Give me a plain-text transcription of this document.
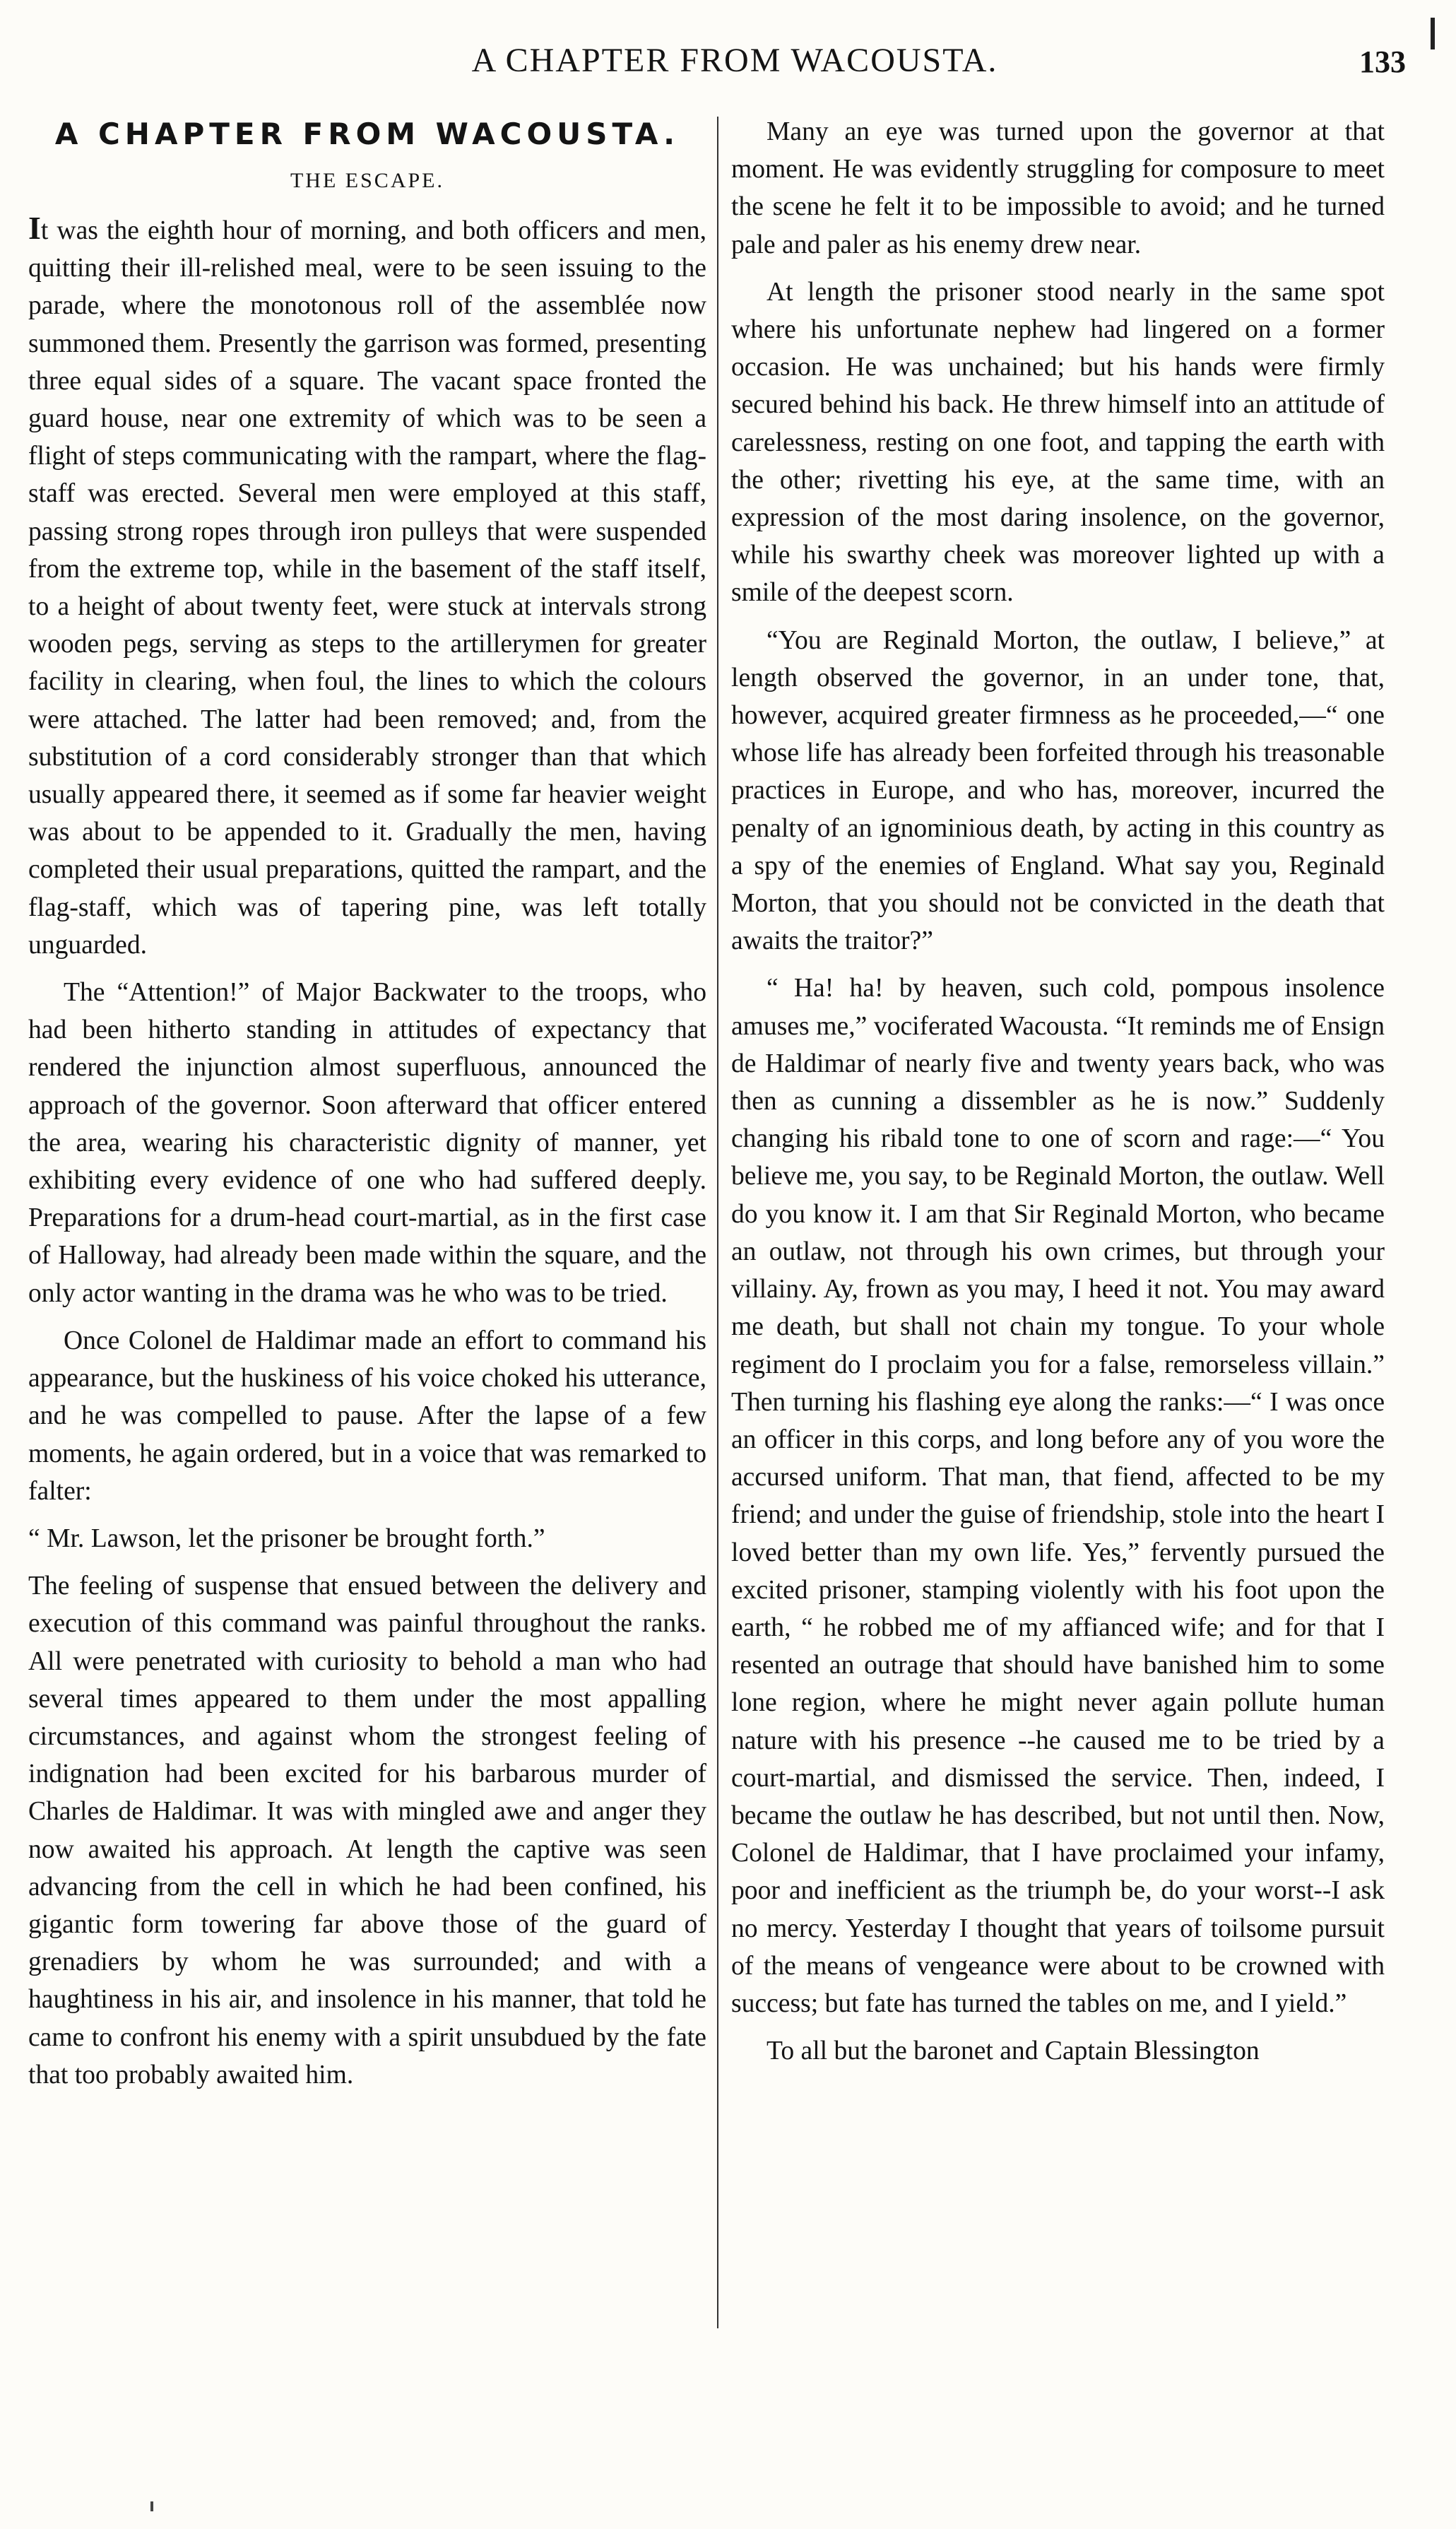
A CHAPTER FROM WACOUSTA.	133
A CHAPTER FROM WACOUSTA.
THE ESCAPE.

It was the eighth hour of morning, and both officers and men, quitting their ill-relished meal, were to be seen issuing to the parade, where the monotonous roll of the assemblée now summoned them. Presently the garrison was formed, presenting three equal sides of a square. The vacant space fronted the guard house, near one extremity of which was to be seen a flight of steps communicating with the rampart, where the flag-staff was erected. Several men were employed at this staff, passing strong ropes through iron pulleys that were suspended from the extreme top, while in the basement of the staff itself, to a height of about twenty feet, were stuck at intervals strong wooden pegs, serving as steps to the artillerymen for greater facility in clearing, when foul, the lines to which the colours were attached. The latter had been removed; and, from the substitution of a cord considerably stronger than that which usually appeared there, it seemed as if some far heavier weight was about to be appended to it. Gradually the men, having completed their usual preparations, quitted the rampart, and the flag-staff, which was of tapering pine, was left totally unguarded.

The “Attention!” of Major Backwater to the troops, who had been hitherto standing in attitudes of expectancy that rendered the injunction almost superfluous, announced the approach of the governor. Soon afterward that officer entered the area, wearing his characteristic dignity of manner, yet exhibiting every evidence of one who had suffered deeply. Preparations for a drum-head court-martial, as in the first case of Halloway, had already been made within the square, and the only actor wanting in the drama was he who was to be tried.

Once Colonel de Haldimar made an effort to command his appearance, but the huskiness of his voice choked his utterance, and he was compelled to pause. After the lapse of a few moments, he again ordered, but in a voice that was remarked to falter:

“ Mr. Lawson, let the prisoner be brought forth.”

The feeling of suspense that ensued between the delivery and execution of this command was painful throughout the ranks. All were penetrated with curiosity to behold a man who had several times appeared to them under the most appalling circumstances, and against whom the strongest feeling of indignation had been excited for his barbarous murder of Charles de Haldimar. It was with mingled awe and anger they now awaited his approach. At length the captive was seen advancing from the cell in which he had been confined, his gigantic form towering far above those of the guard of grenadiers by whom he was surrounded; and with a haughtiness in his air, and insolence in his manner, that told he came to confront his enemy with a spirit unsubdued by the fate that too probably awaited him.

Many an eye was turned upon the governor at that moment. He was evidently struggling for composure to meet the scene he felt it to be impossible to avoid; and he turned pale and paler as his enemy drew near.

At length the prisoner stood nearly in the same spot where his unfortunate nephew had lingered on a former occasion. He was unchained; but his hands were firmly secured behind his back. He threw himself into an attitude of carelessness, resting on one foot, and tapping the earth with the other; rivetting his eye, at the same time, with an expression of the most daring insolence, on the governor, while his swarthy cheek was moreover lighted up with a smile of the deepest scorn.

“You are Reginald Morton, the outlaw, I believe,” at length observed the governor, in an under tone, that, however, acquired greater firmness as he proceeded,—“ one whose life has already been forfeited through his treasonable practices in Europe, and who has, moreover, incurred the penalty of an ignominious death, by acting in this country as a spy of the enemies of England. What say you, Reginald Morton, that you should not be convicted in the death that awaits the traitor?”

“ Ha! ha! by heaven, such cold, pompous insolence amuses me,” vociferated Wacousta. “It reminds me of Ensign de Haldimar of nearly five and twenty years back, who was then as cunning a dissembler as he is now.” Suddenly changing his ribald tone to one of scorn and rage:—“ You believe me, you say, to be Reginald Morton, the outlaw. Well do you know it. I am that Sir Reginald Morton, who became an outlaw, not through his own crimes, but through your villainy. Ay, frown as you may, I heed it not. You may award me death, but shall not chain my tongue. To your whole regiment do I proclaim you for a false, remorseless villain.” Then turning his flashing eye along the ranks:—“ I was once an officer in this corps, and long before any of you wore the accursed uniform. That man, that fiend, affected to be my friend; and under the guise of friendship, stole into the heart I loved better than my own life. Yes,” fervently pursued the excited prisoner, stamping violently with his foot upon the earth, “ he robbed me of my affianced wife; and for that I resented an outrage that should have banished him to some lone region, where he might never again pollute human nature with his presence --he caused me to be tried by a court-martial, and dismissed the service. Then, indeed, I became the outlaw he has described, but not until then. Now, Colonel de Haldimar, that I have proclaimed your infamy, poor and inefficient as the triumph be, do your worst--I ask no mercy. Yesterday I thought that years of toilsome pursuit of the means of vengeance were about to be crowned with success; but fate has turned the tables on me, and I yield.”

To all but the baronet and Captain Blessington
